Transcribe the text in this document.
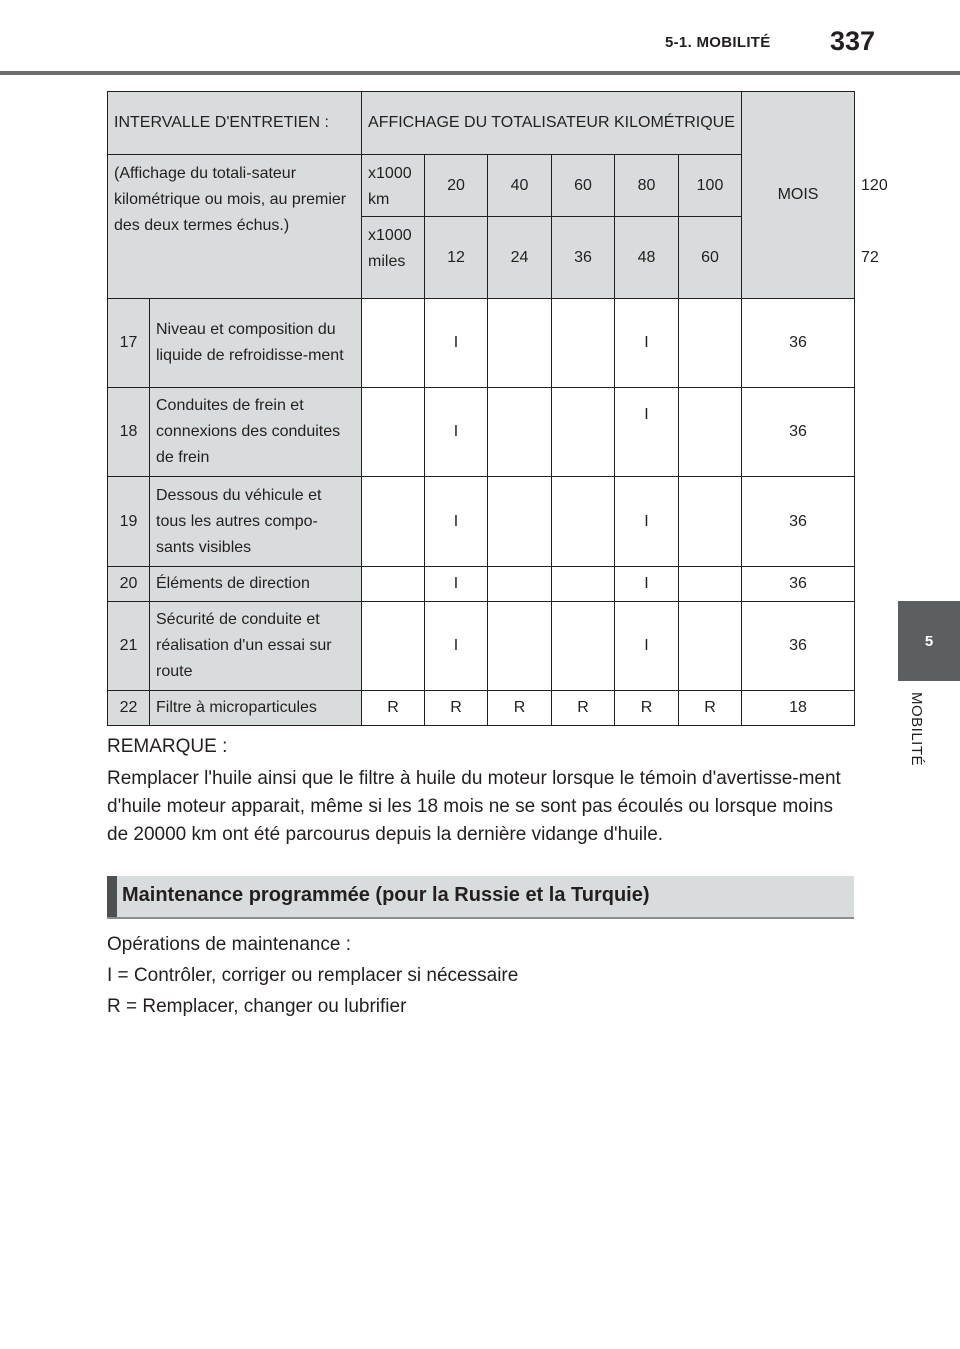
5-1. MOBILITÉ 337
5
MOBILITÉ
INTERVALLE D'ENTRETIEN :		AFFICHAGE DU TOTALISATEUR KILOMÉTRIQUE						MOIS	
(Affichage du totali-sateur kilométrique ou mois, au premier des deux termes échus.)		x1000 km	20	40	60	80	100		120
		x1000 miles	12	24	36	48	60		72
17	Niveau et composition du liquide de refroidisse-ment		I			I		36	
18	Conduites de frein et connexions des conduites de frein		I			I		36	
19	Dessous du véhicule et tous les autres compo-sants visibles		I			I		36	
20	Éléments de direction		I			I		36	
21	Sécurité de conduite et réalisation d'un essai sur route		I			I		36	
22	Filtre à microparticules	R	R	R	R	R	R	18	
REMARQUE :
Remplacer l'huile ainsi que le filtre à huile du moteur lorsque le témoin d'avertisse-ment d'huile moteur apparait, même si les 18 mois ne se sont pas écoulés ou lorsque moins de 20000 km ont été parcourus depuis la dernière vidange d'huile.
Maintenance programmée (pour la Russie et la Turquie)
Opérations de maintenance :
I = Contrôler, corriger ou remplacer si nécessaire
R = Remplacer, changer ou lubrifier
